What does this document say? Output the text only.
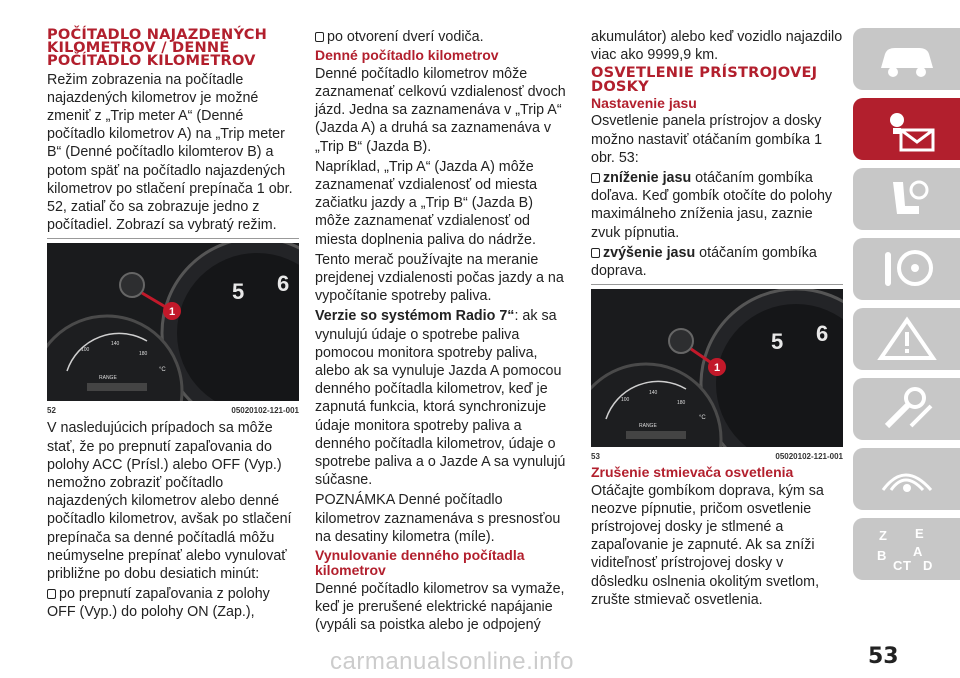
POČÍTADLO NAJAZDENÝCH KILOMETROV / DENNÉ POČÍTADLO KILOMETROV

Režim zobrazenia na počítadle najazdených kilometrov je možné zmeniť z „Trip meter A“ (Denné počítadlo kilometrov A) na „Trip meter B“ (Denné počítadlo kilomterov B) a potom späť na počítadlo najazdených kilometrov po stlačení prepínača 1 obr. 52, zatiaľ čo sa zobrazuje jedno z počítadiel. Zobrazí sa vybratý režim.

1
5 6
100
140
180
RANGE
°C
52	05020102-121-001

V nasledujúcich prípadoch sa môže stať, že po prepnutí zapaľovania do polohy ACC (Prísl.) alebo OFF (Vyp.) nemožno zobraziť počítadlo najazdených kilometrov alebo denné počítadlo kilometrov, avšak po stlačení prepínača sa denné počítadlá môžu neúmyselne prepínať alebo vynulovať približne po dobu desiatich minút:

po prepnutí zapaľovania z polohy OFF (Vyp.) do polohy ON (Zap.),

po otvorení dverí vodiča.

Denné počítadlo kilometrov

Denné počítadlo kilometrov môže zaznamenať celkovú vzdialenosť dvoch jázd. Jedna sa zaznamenáva v „Trip A“ (Jazda A) a druhá sa zaznamenáva v „Trip B“ (Jazda B).

Napríklad, „Trip A“ (Jazda A) môže zaznamenať vzdialenosť od miesta začiatku jazdy a „Trip B“ (Jazda B) môže zaznamenať vzdialenosť od miesta doplnenia paliva do nádrže.

Tento merač používajte na meranie prejdenej vzdialenosti počas jazdy a na vypočítanie spotreby paliva.

Verzie so systémom Radio 7“: ak sa vynulujú údaje o spotrebe paliva pomocou monitora spotreby paliva, alebo ak sa vynuluje Jazda A pomocou denného počítadla kilometrov, keď je zapnutá funkcia, ktorá synchronizuje údaje monitora spotreby paliva a denného počítadla kilometrov, údaje o spotrebe paliva a o Jazde A sa vynulujú súčasne.

POZNÁMKA Denné počítadlo kilometrov zaznamenáva s presnosťou na desatiny kilometra (míle).

Vynulovanie denného počítadla kilometrov

Denné počítadlo kilometrov sa vymaže, keď je prerušené elektrické napájanie (vypáli sa poistka alebo je odpojený

akumulátor) alebo keď vozidlo najazdilo viac ako 9999,9 km.

OSVETLENIE PRÍSTROJOVEJ DOSKY
Nastavenie jasu

Osvetlenie panela prístrojov a dosky možno nastaviť otáčaním gombíka 1 obr. 53:

zníženie jasu otáčaním gombíka doľava. Keď gombík otočíte do polohy maximálneho zníženia jasu, zaznie zvuk pípnutia.

zvýšenie jasu otáčaním gombíka doprava.

1
5 6
100
140
180
RANGE
°C
53	05020102-121-001
Zrušenie stmievača osvetlenia

Otáčajte gombíkom doprava, kým sa neozve pípnutie, pričom osvetlenie prístrojovej dosky je stlmené a zapaľovanie je zapnuté. Ak sa zníži viditeľnosť prístrojovej dosky v dôsledku oslnenia okolitým svetlom, zrušte stmievač osvetlenia.

Z E
B A
C T D
53
carmanualsonline.info
